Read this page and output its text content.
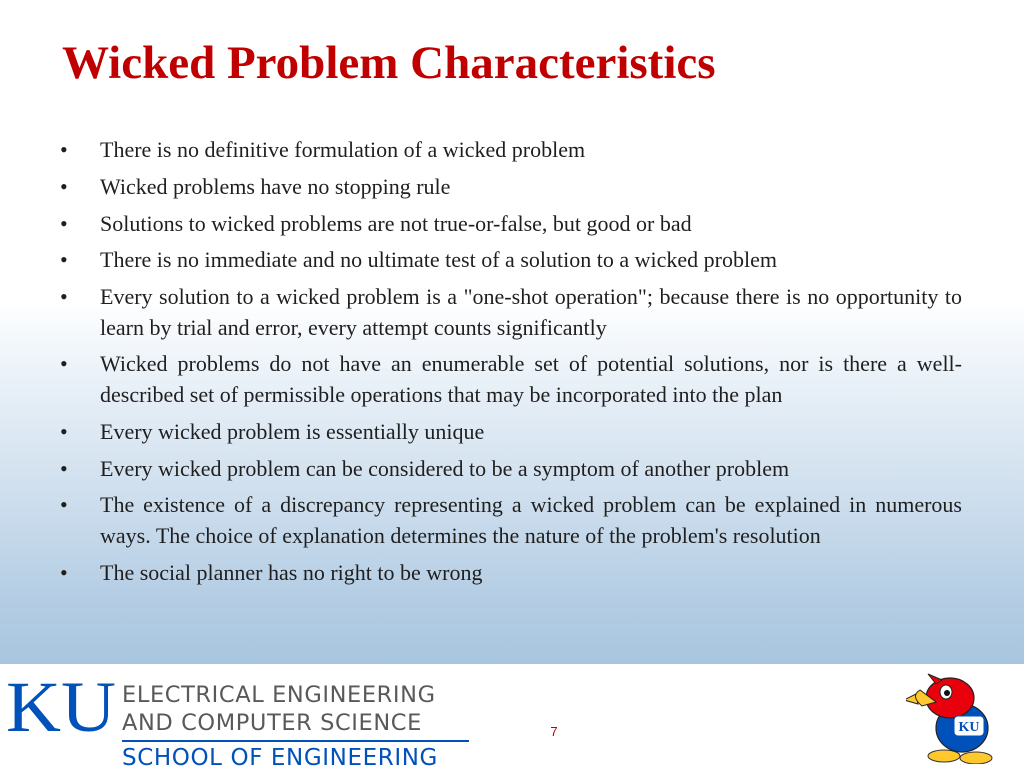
Wicked Problem Characteristics
•	There is no definitive formulation of a wicked problem
•	Wicked problems have no stopping rule
•	Solutions to wicked problems are not true-or-false, but good or bad
•	There is no immediate and no ultimate test of a solution to a wicked problem
•	Every solution to a wicked problem is a "one-shot operation"; because there is no opportunity to learn by trial and error, every attempt counts significantly
•	Wicked problems do not have an enumerable set of potential solutions, nor is there a well-described set of permissible operations that may be incorporated into the plan
•	Every wicked problem is essentially unique
•	Every wicked problem can be considered to be a symptom of another problem
•	The existence of a discrepancy representing a wicked problem can be explained in numerous ways. The choice of explanation determines the nature of the problem's resolution
•	The social planner has no right to be wrong
KU ELECTRICAL ENGINEERING
AND COMPUTER SCIENCE
SCHOOL OF ENGINEERING
7	KU
